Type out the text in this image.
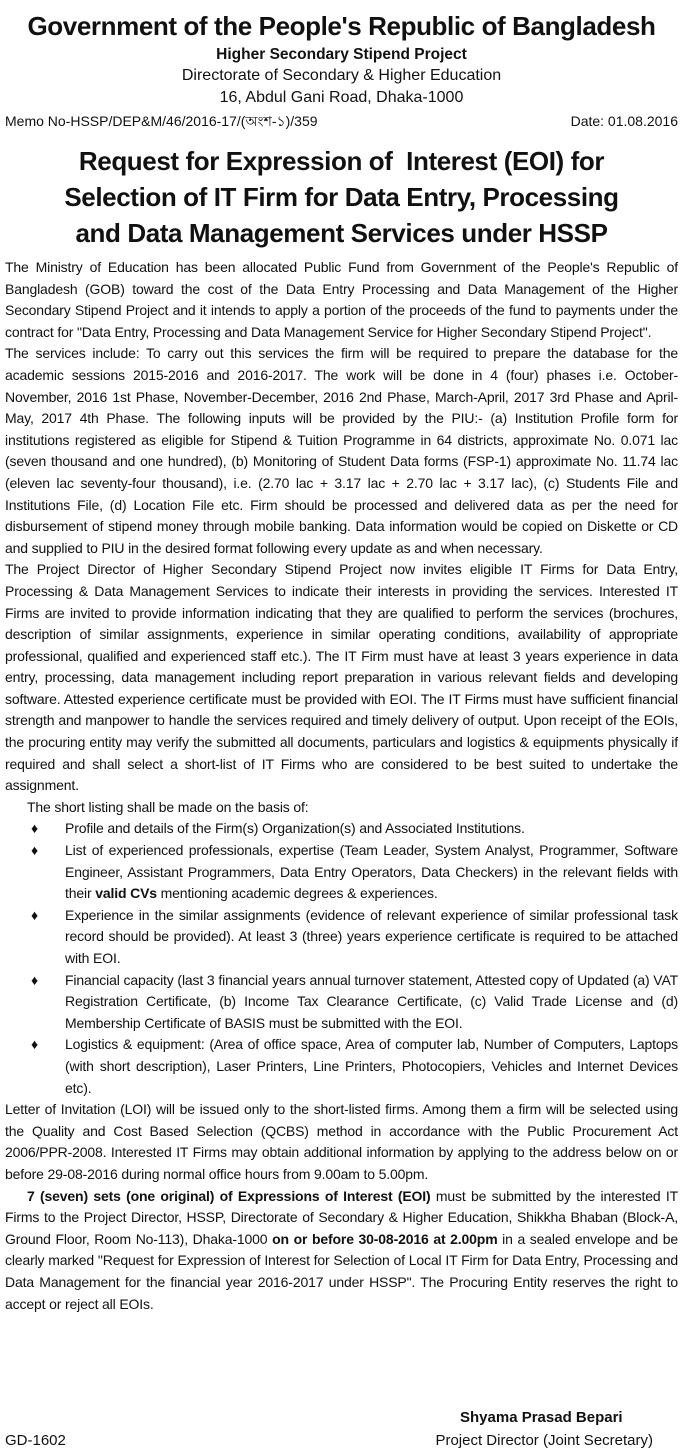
Government of the People's Republic of Bangladesh
Higher Secondary Stipend Project
Directorate of Secondary & Higher Education
16, Abdul Gani Road, Dhaka-1000
Memo No-HSSP/DEP&M/46/2016-17/(অংশ-১)/359	Date: 01.08.2016
Request for Expression of  Interest (EOI) for
Selection of IT Firm for Data Entry, Processing
and Data Management Services under HSSP

The Ministry of Education has been allocated Public Fund from Government of the People's Republic of Bangladesh (GOB) toward the cost of the Data Entry Processing and Data Management of the Higher Secondary Stipend Project and it intends to apply a portion of the proceeds of the fund to payments under the contract for "Data Entry, Processing and Data Management Service for Higher Secondary Stipend Project".

The services include: To carry out this services the firm will be required to prepare the database for the academic sessions 2015-2016 and 2016-2017. The work will be done in 4 (four) phases i.e. October-November, 2016 1st Phase, November-December, 2016 2nd Phase, March-April, 2017 3rd Phase and April-May, 2017 4th Phase. The following inputs will be provided by the PIU:- (a) Institution Profile form for institutions registered as eligible for Stipend & Tuition Programme in 64 districts, approximate No. 0.071 lac (seven thousand and one hundred), (b) Monitoring of Student Data forms (FSP-1) approximate No. 11.74 lac (eleven lac seventy-four thousand), i.e. (2.70 lac + 3.17 lac + 2.70 lac + 3.17 lac), (c) Students File and Institutions File, (d) Location File etc. Firm should be processed and delivered data as per the need for disbursement of stipend money through mobile banking. Data information would be copied on Diskette or CD and supplied to PIU in the desired format following every update as and when necessary.

The Project Director of Higher Secondary Stipend Project now invites eligible IT Firms for Data Entry, Processing & Data Management Services to indicate their interests in providing the services. Interested IT Firms are invited to provide information indicating that they are qualified to perform the services (brochures, description of similar assignments, experience in similar operating conditions, availability of appropriate professional, qualified and experienced staff etc.). The IT Firm must have at least 3 years experience in data entry, processing, data management including report preparation in various relevant fields and developing software. Attested experience certificate must be provided with EOI. The IT Firms must have sufficient financial strength and manpower to handle the services required and timely delivery of output. Upon receipt of the EOIs, the procuring entity may verify the submitted all documents, particulars and logistics & equipments physically if required and shall select a short-list of IT Firms who are considered to be best suited to undertake the assignment.

The short listing shall be made on the basis of:

♦ Profile and details of the Firm(s) Organization(s) and Associated Institutions.
♦ List of experienced professionals, expertise (Team Leader, System Analyst, Programmer, Software Engineer, Assistant Programmers, Data Entry Operators, Data Checkers) in the relevant fields with their valid CVs mentioning academic degrees & experiences.
♦ Experience in the similar assignments (evidence of relevant experience of similar professional task record should be provided). At least 3 (three) years experience certificate is required to be attached with EOI.
♦ Financial capacity (last 3 financial years annual turnover statement, Attested copy of Updated (a) VAT Registration Certificate, (b) Income Tax Clearance Certificate, (c) Valid Trade License and (d) Membership Certificate of BASIS must be submitted with the EOI.
♦ Logistics & equipment: (Area of office space, Area of computer lab, Number of Computers, Laptops (with short description), Laser Printers, Line Printers, Photocopiers, Vehicles and Internet Devices etc).

Letter of Invitation (LOI) will be issued only to the short-listed firms. Among them a firm will be selected using the Quality and Cost Based Selection (QCBS) method in accordance with the Public Procurement Act 2006/PPR-2008. Interested IT Firms may obtain additional information by applying to the address below on or before 29-08-2016 during normal office hours from 9.00am to 5.00pm.

7 (seven) sets (one original) of Expressions of Interest (EOI) must be submitted by the interested IT Firms to the Project Director, HSSP, Directorate of Secondary & Higher Education, Shikkha Bhaban (Block-A, Ground Floor, Room No-113), Dhaka-1000 on or before 30-08-2016 at 2.00pm in a sealed envelope and be clearly marked "Request for Expression of Interest for Selection of Local IT Firm for Data Entry, Processing and Data Management for the financial year 2016-2017 under HSSP". The Procuring Entity reserves the right to accept or reject all EOIs.

Shyama Prasad Bepari
GD-1602	Project Director (Joint Secretary)
